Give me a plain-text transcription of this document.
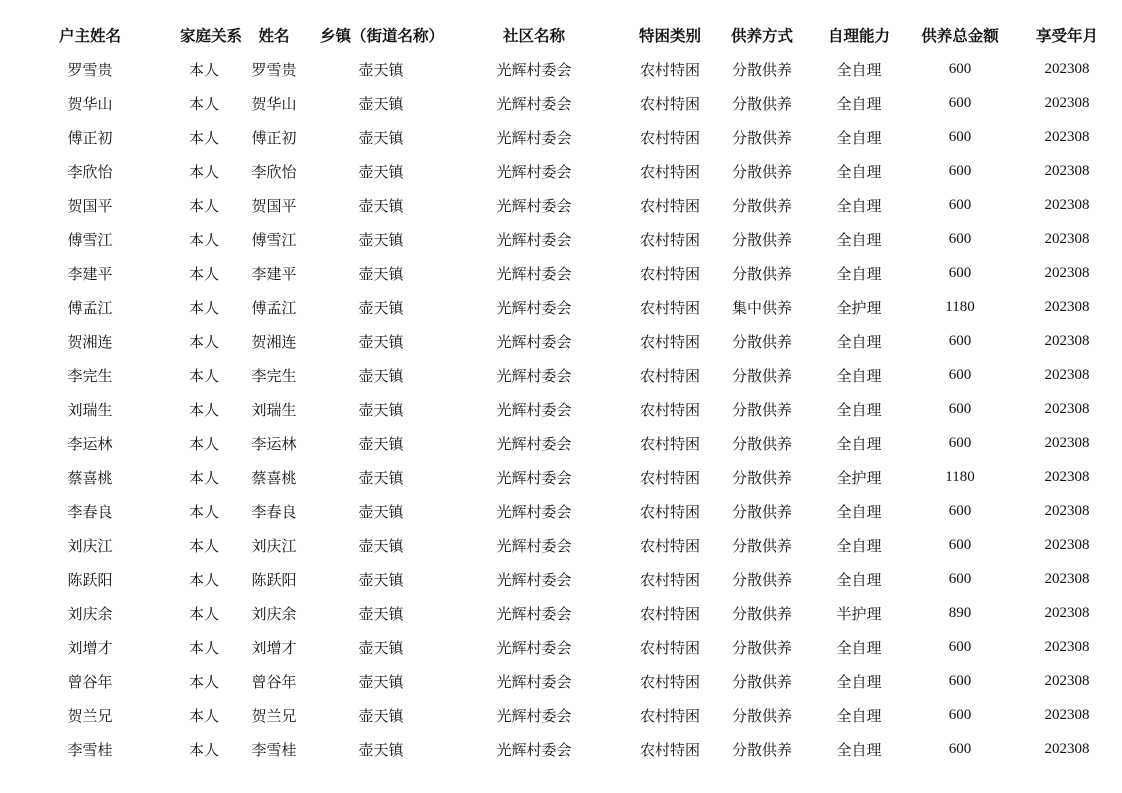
户主姓名	家庭关系	姓名	乡镇（街道名称）	社区名称	特困类别	供养方式	自理能力	供养总金额	享受年月
罗雪贵	本人	罗雪贵	壶天镇	光辉村委会	农村特困	分散供养	全自理	600	202308
贺华山	本人	贺华山	壶天镇	光辉村委会	农村特困	分散供养	全自理	600	202308
傅正初	本人	傅正初	壶天镇	光辉村委会	农村特困	分散供养	全自理	600	202308
李欣怡	本人	李欣怡	壶天镇	光辉村委会	农村特困	分散供养	全自理	600	202308
贺国平	本人	贺国平	壶天镇	光辉村委会	农村特困	分散供养	全自理	600	202308
傅雪江	本人	傅雪江	壶天镇	光辉村委会	农村特困	分散供养	全自理	600	202308
李建平	本人	李建平	壶天镇	光辉村委会	农村特困	分散供养	全自理	600	202308
傅孟江	本人	傅孟江	壶天镇	光辉村委会	农村特困	集中供养	全护理	1180	202308
贺湘连	本人	贺湘连	壶天镇	光辉村委会	农村特困	分散供养	全自理	600	202308
李完生	本人	李完生	壶天镇	光辉村委会	农村特困	分散供养	全自理	600	202308
刘瑞生	本人	刘瑞生	壶天镇	光辉村委会	农村特困	分散供养	全自理	600	202308
李运林	本人	李运林	壶天镇	光辉村委会	农村特困	分散供养	全自理	600	202308
蔡喜桃	本人	蔡喜桃	壶天镇	光辉村委会	农村特困	分散供养	全护理	1180	202308
李春良	本人	李春良	壶天镇	光辉村委会	农村特困	分散供养	全自理	600	202308
刘庆江	本人	刘庆江	壶天镇	光辉村委会	农村特困	分散供养	全自理	600	202308
陈跃阳	本人	陈跃阳	壶天镇	光辉村委会	农村特困	分散供养	全自理	600	202308
刘庆余	本人	刘庆余	壶天镇	光辉村委会	农村特困	分散供养	半护理	890	202308
刘增才	本人	刘增才	壶天镇	光辉村委会	农村特困	分散供养	全自理	600	202308
曾谷年	本人	曾谷年	壶天镇	光辉村委会	农村特困	分散供养	全自理	600	202308
贺兰兄	本人	贺兰兄	壶天镇	光辉村委会	农村特困	分散供养	全自理	600	202308
李雪桂	本人	李雪桂	壶天镇	光辉村委会	农村特困	分散供养	全自理	600	202308
